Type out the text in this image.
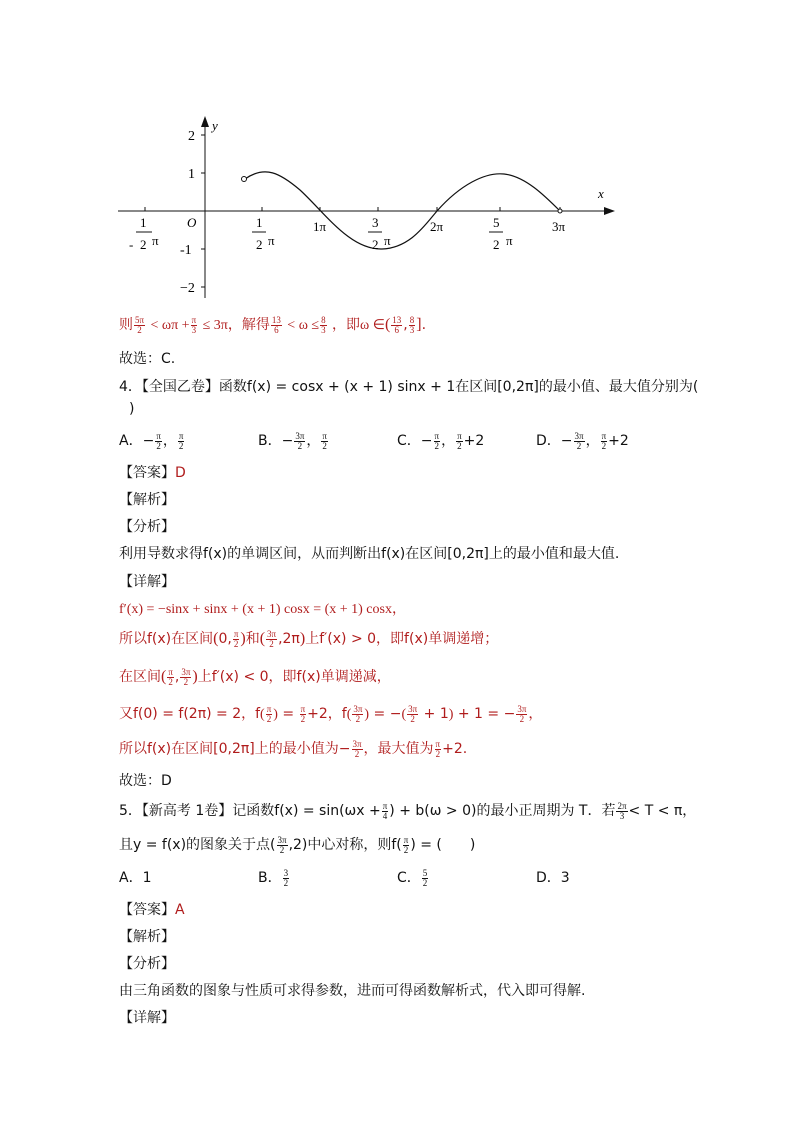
y
x
O
2
1
-1
−2
1
- 2 π
1
2 π
1π	3
2 π
2π	5
2 π
3π
则 $\frac{5\pi}{2} < \omega\pi + \frac{\pi}{3} \le 3\pi$，解得 $\frac{13}{6} < \omega \le \frac{8}{3}$ ，即ω ∈( $\frac{13}{6}$ , $\frac{8}{3}$ ].
故选：C.
4．【全国乙卷】函数f(x) = cosx + (x + 1) sinx + 1在区间[0,2π]的最小值、最大值分别为(
)
A．− $\frac{\pi}{2}$ ， $\frac{\pi}{2}$	B．− $\frac{3\pi}{2}$ ， $\frac{\pi}{2}$	C．− $\frac{\pi}{2}$ ， $\frac{\pi}{2} +2$	D．− $\frac{3\pi}{2}$ ， $\frac{\pi}{2} +2$
【答案】D
【解析】
【分析】
利用导数求得f(x)的单调区间，从而判断出f(x)在区间[0,2π]上的最小值和最大值.
【详解】
f′(x) = −sinx + sinx + (x + 1) cosx = (x + 1) cosx，
所以f(x)在区间(0, $\frac{\pi}{2}$ )和( $\frac{3\pi}{2} ,2\pi$)上f′(x) > 0，即f(x)单调递增；
在区间( $\frac{\pi}{2}$ , $\frac{3\pi}{2}$ )上f′(x) < 0，即f(x)单调递减，
又f(0) = f(2π) = 2，$f( \frac{\pi}{2}$ ) = $\frac{\pi}{2} +2$，$f( \frac{3\pi}{2}$ ) = −( $\frac{3\pi}{2} + 1) + 1$ = − $\frac{3\pi}{2}$ ，
所以f(x)在区间[0,2π]上的最小值为− $\frac{3\pi}{2}$ ，最大值为 $\frac{\pi}{2} +2$.
故选：D
5．【新高考 1卷】记函数$f(x) = \sin(\omega x + \frac{\pi}{4}$ ) + b(ω > 0)的最小正周期为 T．若 $\frac{2\pi}{3} < T < \pi$，
且y = f(x)的图象关于点( $\frac{3\pi}{2} ,2$)中心对称，则$f( \frac{\pi}{2}$ ) = (　　)
A．1	B． $\frac{3}{2}$	C． $\frac{5}{2}$	D．3
【答案】A
【解析】
【分析】
由三角函数的图象与性质可求得参数，进而可得函数解析式，代入即可得解.
【详解】
